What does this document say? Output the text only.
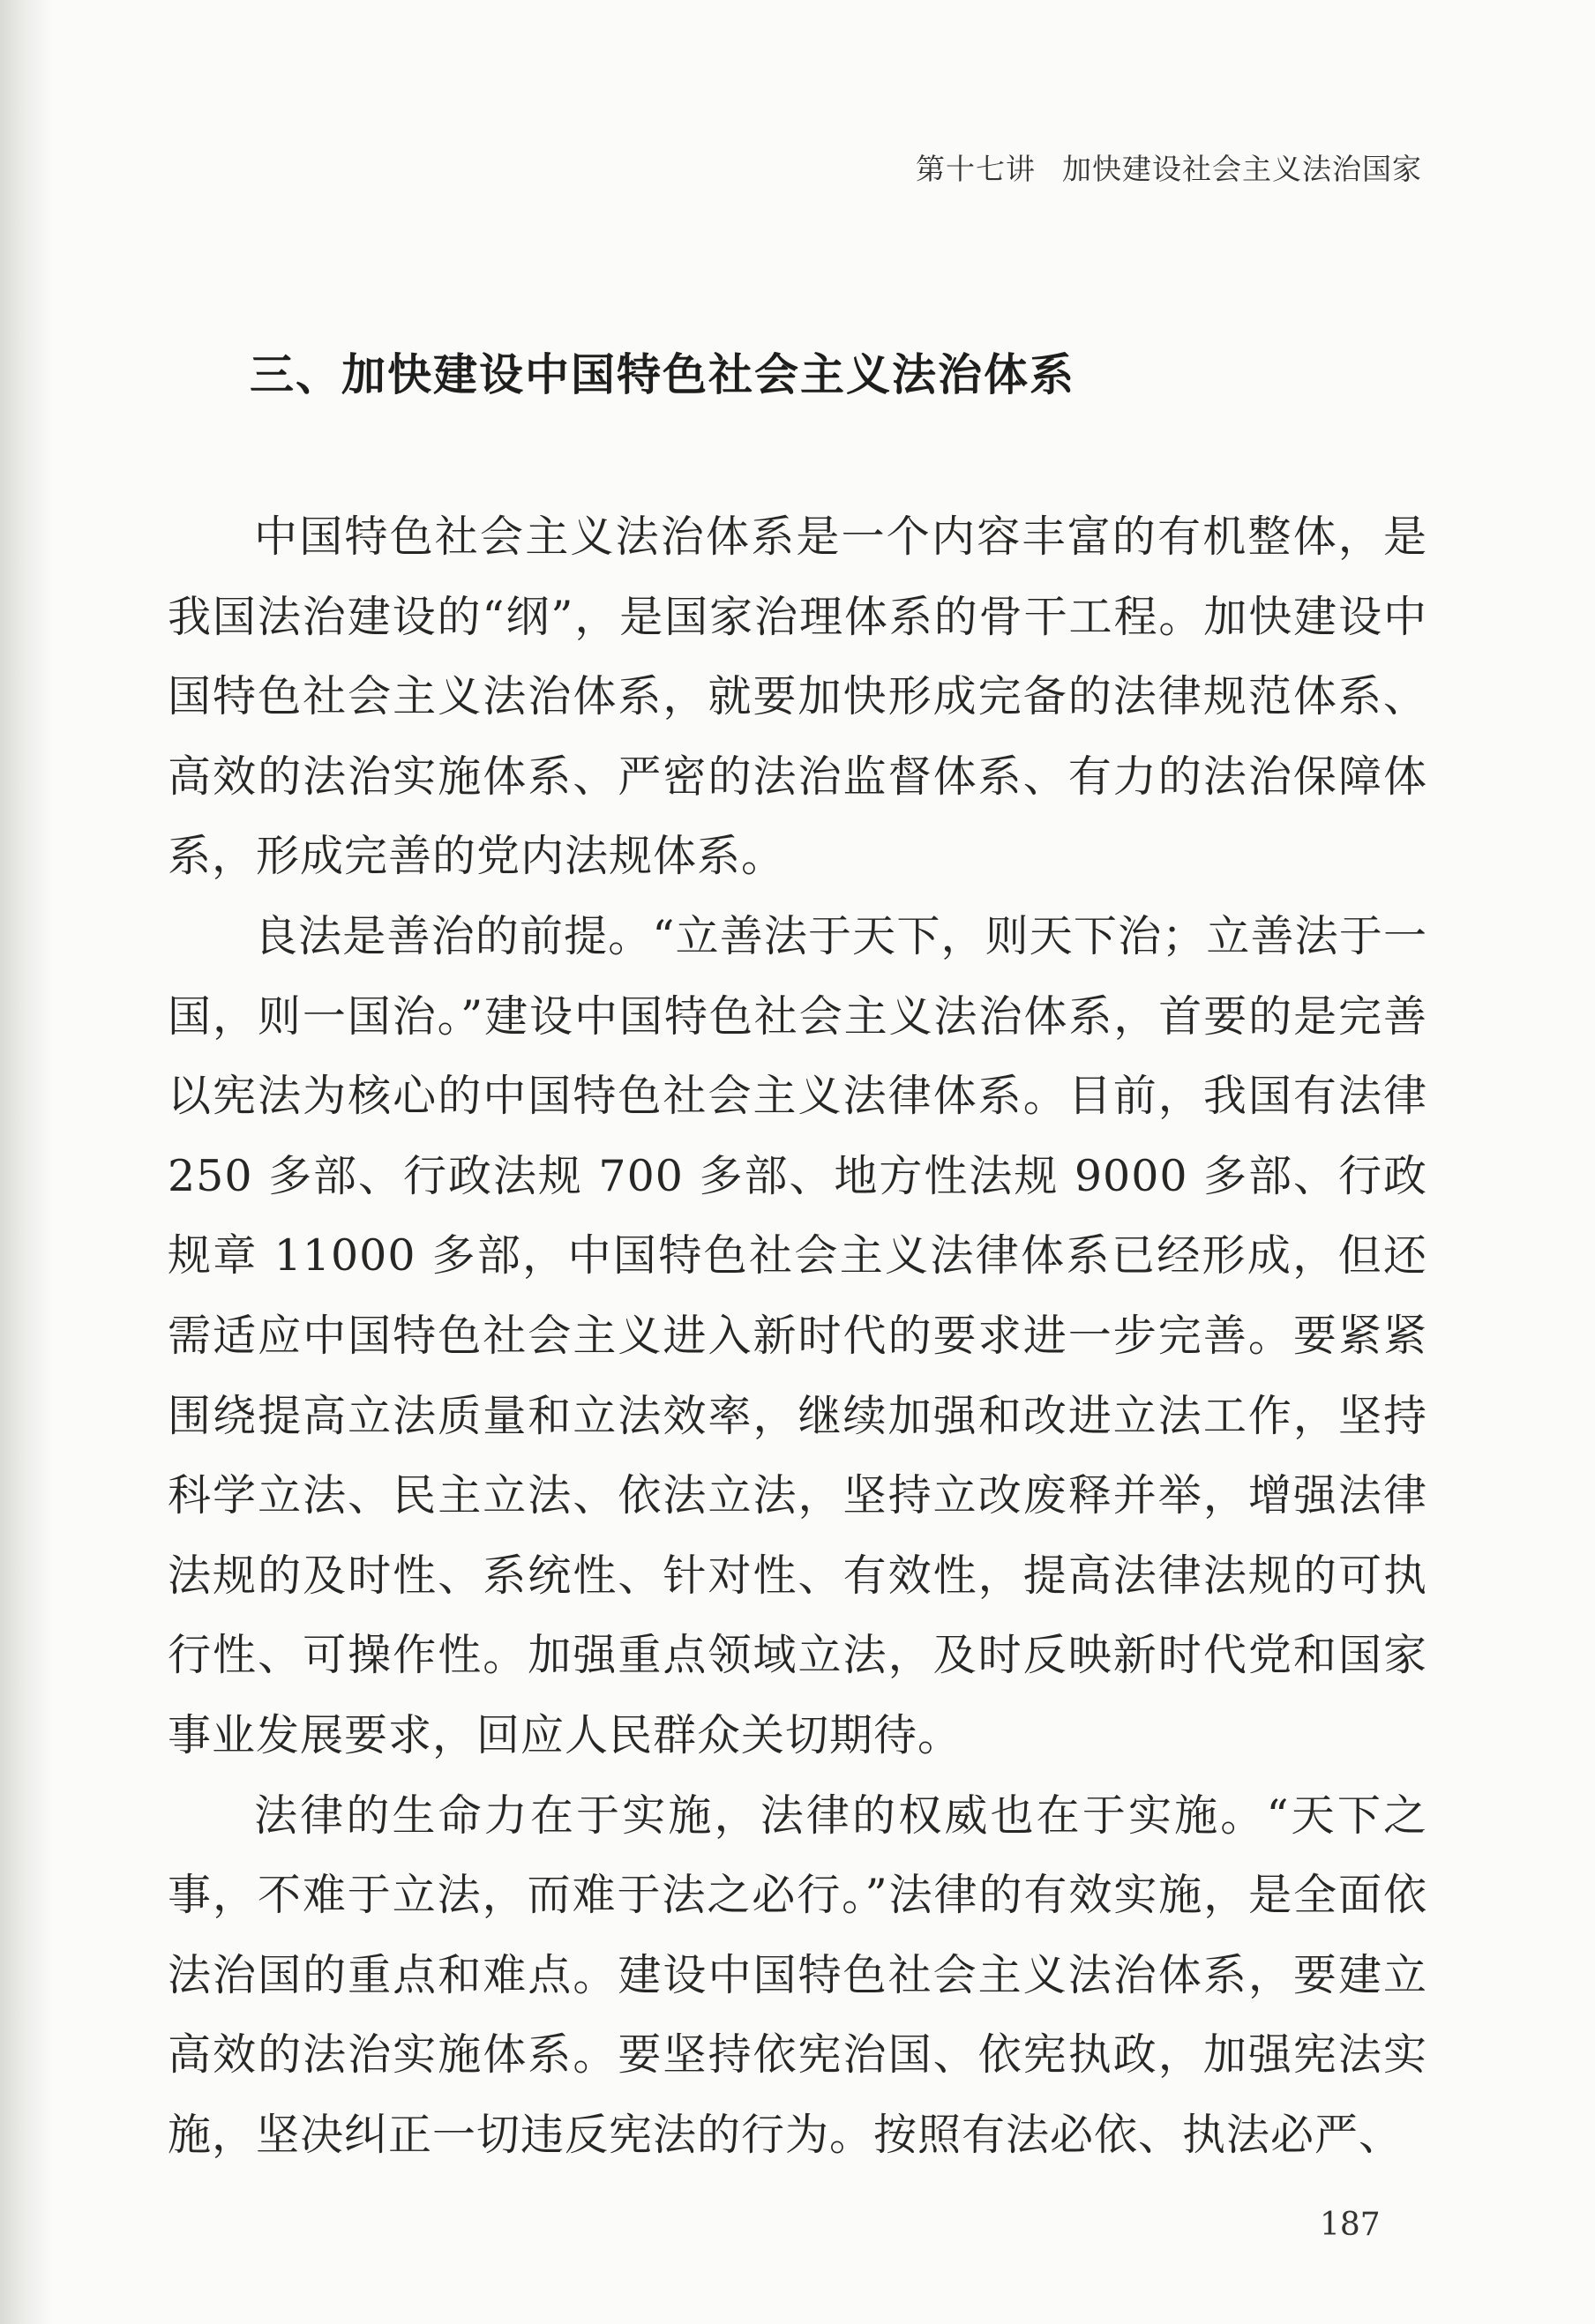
第十七讲 加快建设社会主义法治国家
三、加快建设中国特色社会主义法治体系

中国特色社会主义法治体系是一个内容丰富的有机整体，是我国法治建设的“纲”，是国家治理体系的骨干工程。加快建设中国特色社会主义法治体系，就要加快形成完备的法律规范体系、高效的法治实施体系、严密的法治监督体系、有力的法治保障体系，形成完善的党内法规体系。

良法是善治的前提。“立善法于天下，则天下治；立善法于一国，则一国治。”建设中国特色社会主义法治体系，首要的是完善以宪法为核心的中国特色社会主义法律体系。目前，我国有法律 250 多部、行政法规 700 多部、地方性法规 9000 多部、行政规章 11000 多部，中国特色社会主义法律体系已经形成，但还需适应中国特色社会主义进入新时代的要求进一步完善。要紧紧围绕提高立法质量和立法效率，继续加强和改进立法工作，坚持科学立法、民主立法、依法立法，坚持立改废释并举，增强法律法规的及时性、系统性、针对性、有效性，提高法律法规的可执行性、可操作性。加强重点领域立法，及时反映新时代党和国家事业发展要求，回应人民群众关切期待。

法律的生命力在于实施，法律的权威也在于实施。“天下之事，不难于立法，而难于法之必行。”法律的有效实施，是全面依法治国的重点和难点。建设中国特色社会主义法治体系，要建立高效的法治实施体系。要坚持依宪治国、依宪执政，加强宪法实施，坚决纠正一切违反宪法的行为。按照有法必依、执法必严、

187
